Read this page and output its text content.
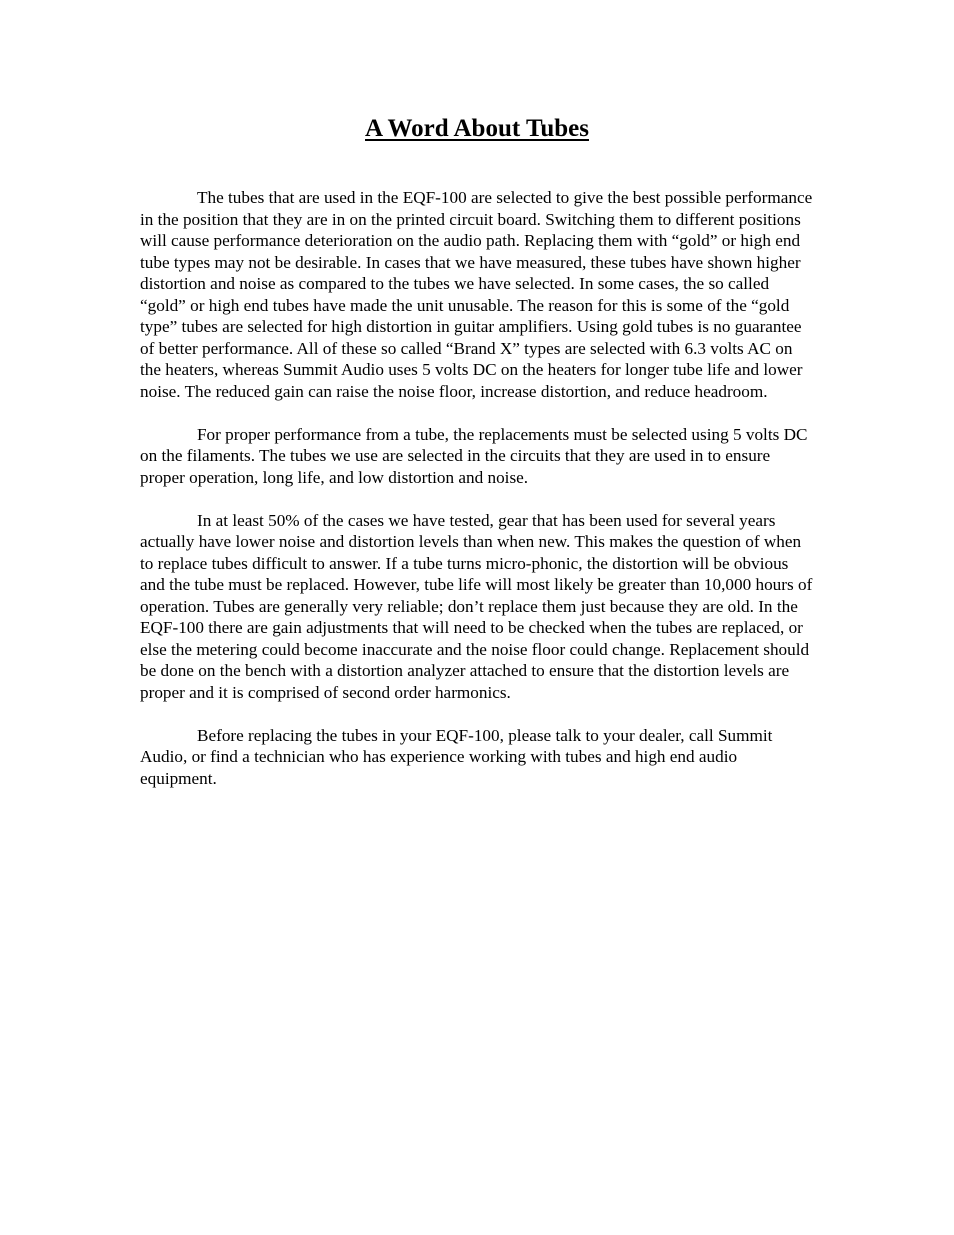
A Word About Tubes

The tubes that are used in the EQF-100 are selected to give the best possible performance in the position that they are in on the printed circuit board. Switching them to different positions will cause performance deterioration on the audio path. Replacing them with “gold” or high end tube types may not be desirable. In cases that we have measured, these tubes have shown higher distortion and noise as compared to the tubes we have selected. In some cases, the so called “gold” or high end tubes have made the unit unusable. The reason for this is some of the “gold type” tubes are selected for high distortion in guitar amplifiers. Using gold tubes is no guarantee of better performance. All of these so called “Brand X” types are selected with 6.3 volts AC on the heaters, whereas Summit Audio uses 5 volts DC on the heaters for longer tube life and lower noise. The reduced gain can raise the noise floor, increase distortion, and reduce headroom.

For proper performance from a tube, the replacements must be selected using 5 volts DC on the filaments. The tubes we use are selected in the circuits that they are used in to ensure proper operation, long life, and low distortion and noise.

In at least 50% of the cases we have tested, gear that has been used for several years actually have lower noise and distortion levels than when new. This makes the question of when to replace tubes difficult to answer. If a tube turns micro-phonic, the distortion will be obvious and the tube must be replaced. However, tube life will most likely be greater than 10,000 hours of operation. Tubes are generally very reliable; don’t replace them just because they are old. In the EQF-100 there are gain adjustments that will need to be checked when the tubes are replaced, or else the metering could become inaccurate and the noise floor could change. Replacement should be done on the bench with a distortion analyzer attached to ensure that the distortion levels are proper and it is comprised of second order harmonics.

Before replacing the tubes in your EQF-100, please talk to your dealer, call Summit Audio, or find a technician who has experience working with tubes and high end audio equipment.
